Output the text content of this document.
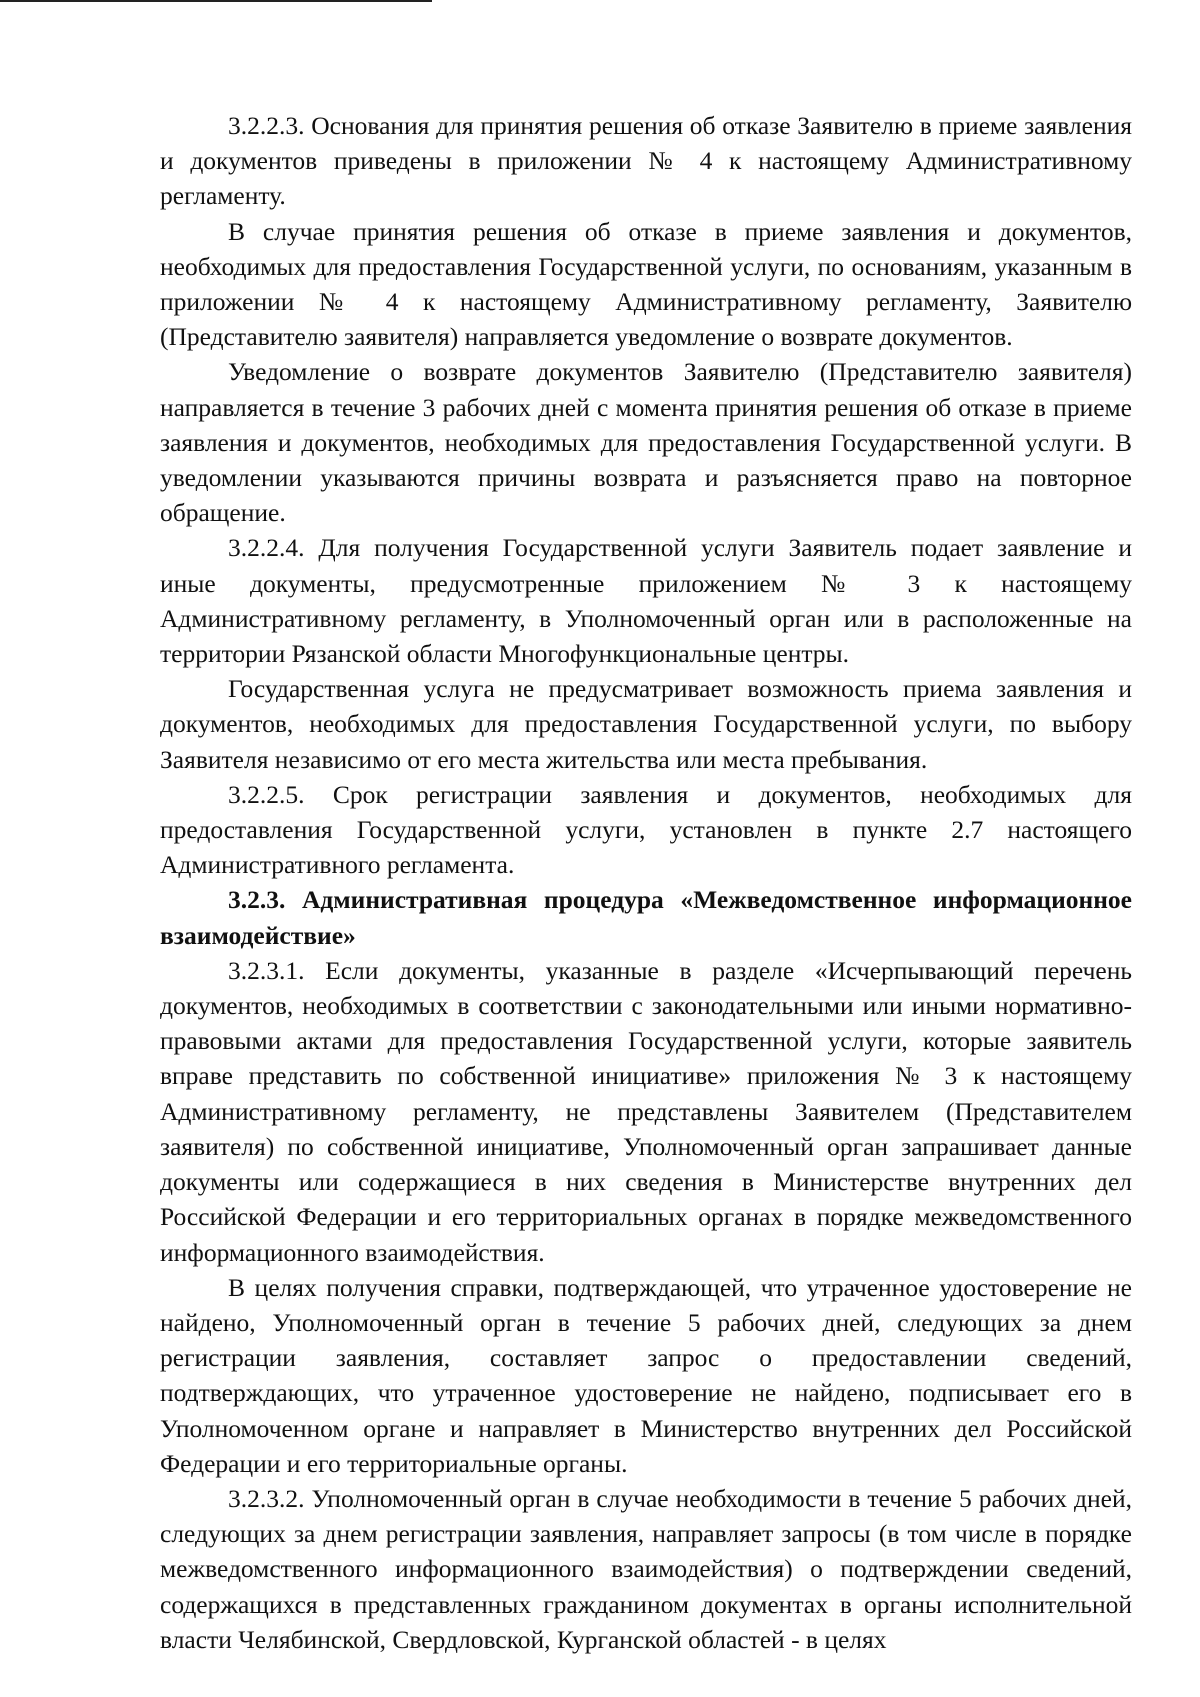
3.2.2.3. Основания для принятия решения об отказе Заявителю в приеме заявления и документов приведены в приложении № 4 к настоящему Административному регламенту.

В случае принятия решения об отказе в приеме заявления и документов, необходимых для предоставления Государственной услуги, по основаниям, указанным в приложении № 4 к настоящему Административному регламенту, Заявителю (Представителю заявителя) направляется уведомление о возврате документов.

Уведомление о возврате документов Заявителю (Представителю заявителя) направляется в течение 3 рабочих дней с момента принятия решения об отказе в приеме заявления и документов, необходимых для предоставления Государственной услуги. В уведомлении указываются причины возврата и разъясняется право на повторное обращение.

3.2.2.4. Для получения Государственной услуги Заявитель подает заявление и иные документы, предусмотренные приложением № 3 к настоящему Административному регламенту, в Уполномоченный орган или в расположенные на территории Рязанской области Многофункциональные центры.

Государственная услуга не предусматривает возможность приема заявления и документов, необходимых для предоставления Государственной услуги, по выбору Заявителя независимо от его места жительства или места пребывания.

3.2.2.5. Срок регистрации заявления и документов, необходимых для предоставления Государственной услуги, установлен в пункте 2.7 настоящего Административного регламента.

3.2.3. Административная процедура «Межведомственное информационное взаимодействие»

3.2.3.1. Если документы, указанные в разделе «Исчерпывающий перечень документов, необходимых в соответствии с законодательными или иными нормативно-правовыми актами для предоставления Государственной услуги, которые заявитель вправе представить по собственной инициативе» приложения № 3 к настоящему Административному регламенту, не представлены Заявителем (Представителем заявителя) по собственной инициативе, Уполномоченный орган запрашивает данные документы или содержащиеся в них сведения в Министерстве внутренних дел Российской Федерации и его территориальных органах в порядке межведомственного информационного взаимодействия.

В целях получения справки, подтверждающей, что утраченное удостоверение не найдено, Уполномоченный орган в течение 5 рабочих дней, следующих за днем регистрации заявления, составляет запрос о предоставлении сведений, подтверждающих, что утраченное удостоверение не найдено, подписывает его в Уполномоченном органе и направляет в Министерство внутренних дел Российской Федерации и его территориальные органы.

3.2.3.2. Уполномоченный орган в случае необходимости в течение 5 рабочих дней, следующих за днем регистрации заявления, направляет запросы (в том числе в порядке межведомственного информационного взаимодействия) о подтверждении сведений, содержащихся в представленных гражданином документах в органы исполнительной власти Челябинской, Свердловской, Курганской областей - в целях
